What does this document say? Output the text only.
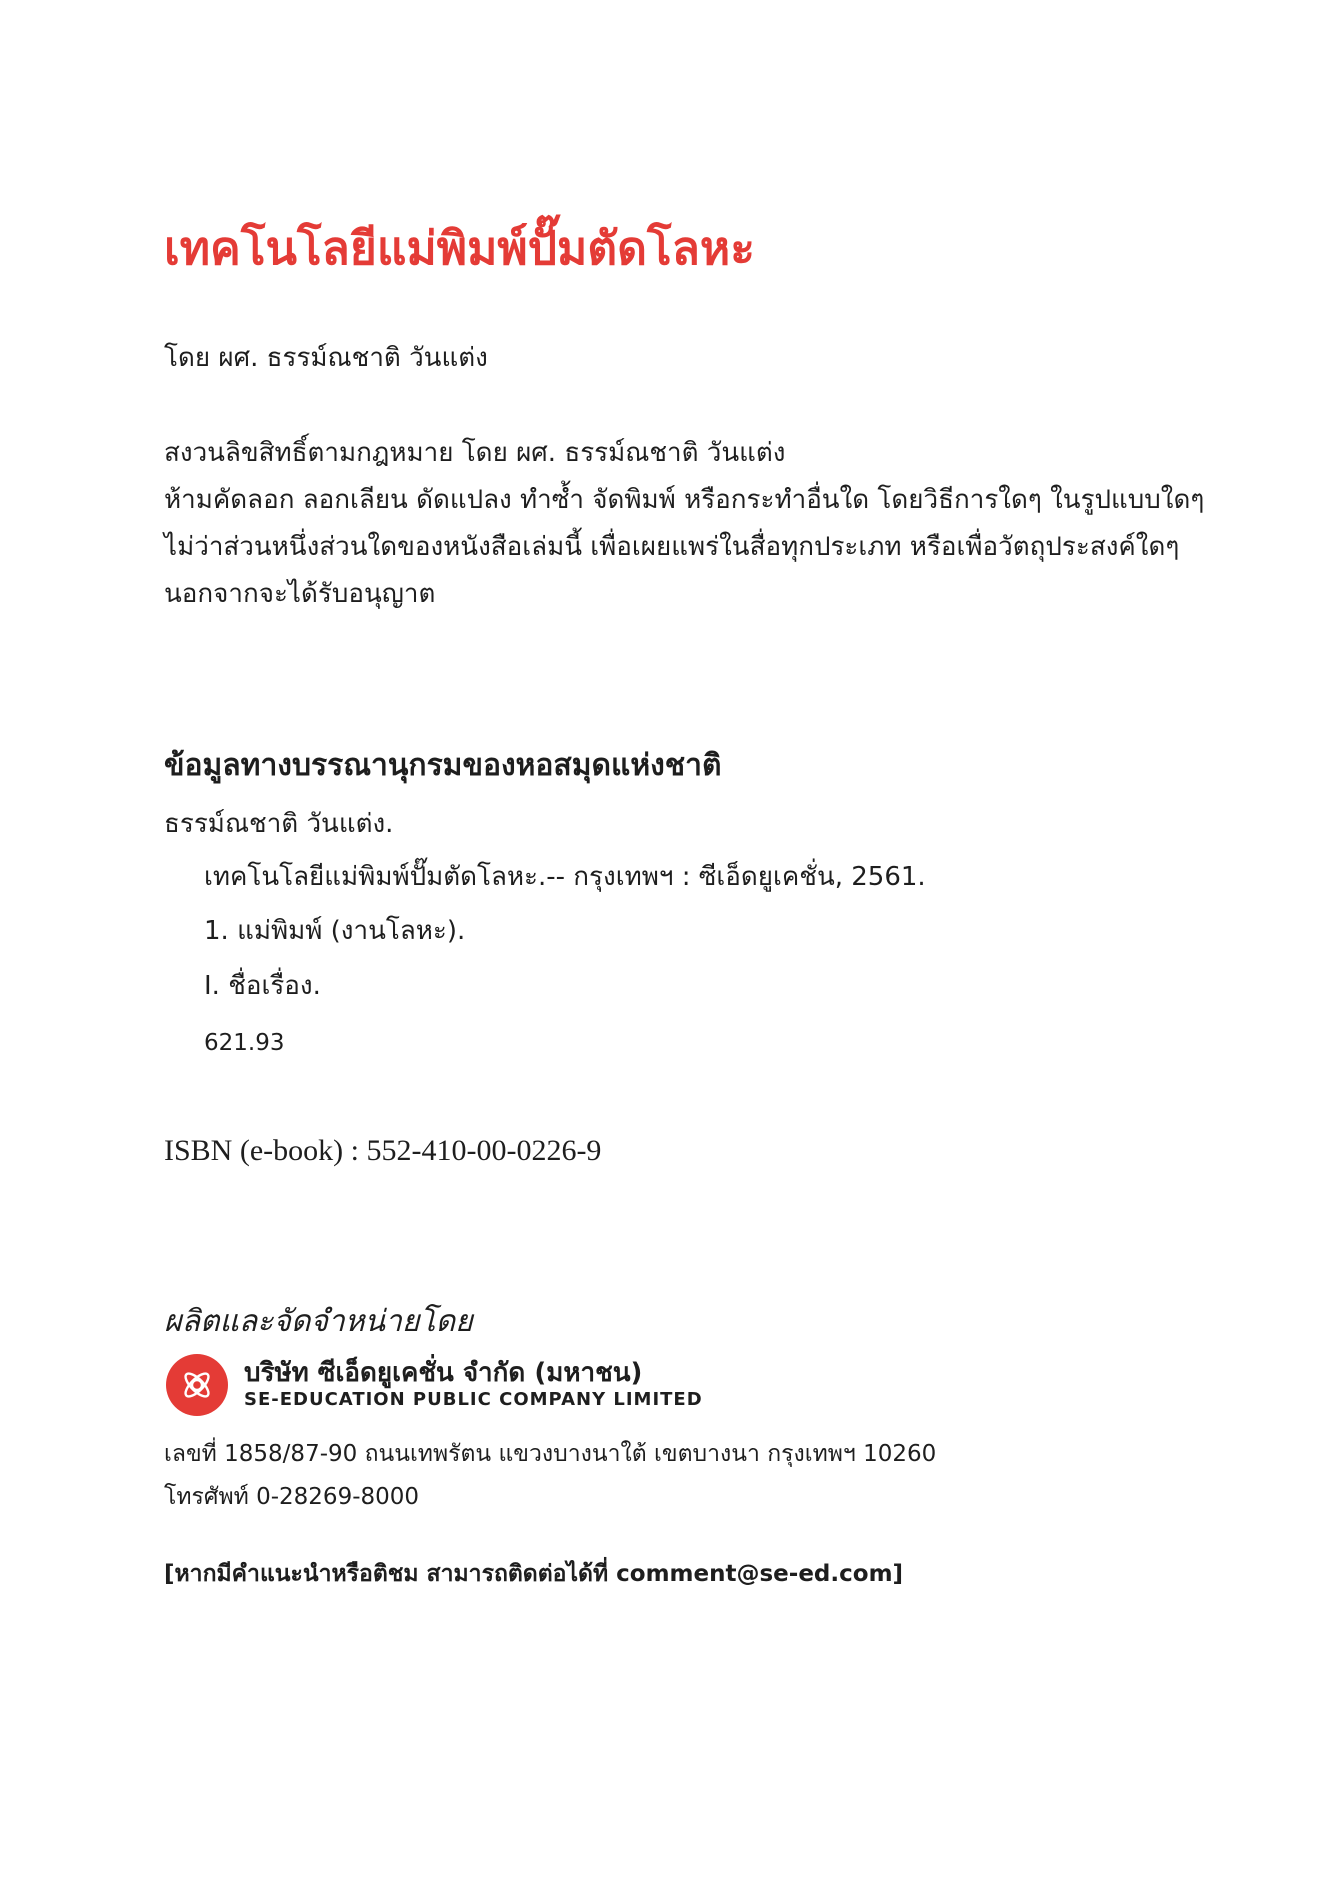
เทคโนโลยีแม่พิมพ์ปั๊มตัดโลหะ
โดย ผศ. ธรรม์ณชาติ วันแต่ง
สงวนลิขสิทธิ์ตามกฎหมาย โดย ผศ. ธรรม์ณชาติ วันแต่ง
ห้ามคัดลอก ลอกเลียน ดัดแปลง ทำซ้ำ จัดพิมพ์ หรือกระทำอื่นใด โดยวิธีการใดๆ ในรูปแบบใดๆ
ไม่ว่าส่วนหนึ่งส่วนใดของหนังสือเล่มนี้ เพื่อเผยแพร่ในสื่อทุกประเภท หรือเพื่อวัตถุประสงค์ใดๆ
นอกจากจะได้รับอนุญาต
ข้อมูลทางบรรณานุกรมของหอสมุดแห่งชาติ
ธรรม์ณชาติ วันแต่ง.
เทคโนโลยีแม่พิมพ์ปั๊มตัดโลหะ.-- กรุงเทพฯ : ซีเอ็ดยูเคชั่น, 2561.
1. แม่พิมพ์ (งานโลหะ).
I. ชื่อเรื่อง.
621.93
ISBN (e-book) : 552-410-00-0226-9
ผลิตและจัดจำหน่ายโดย
บริษัท ซีเอ็ดยูเคชั่น จำกัด (มหาชน)
SE-EDUCATION PUBLIC COMPANY LIMITED
เลขที่ 1858/87-90 ถนนเทพรัตน แขวงบางนาใต้ เขตบางนา กรุงเทพฯ 10260
โทรศัพท์ 0-28269-8000
[หากมีคำแนะนำหรือติชม สามารถติดต่อได้ที่ comment@se-ed.com]
